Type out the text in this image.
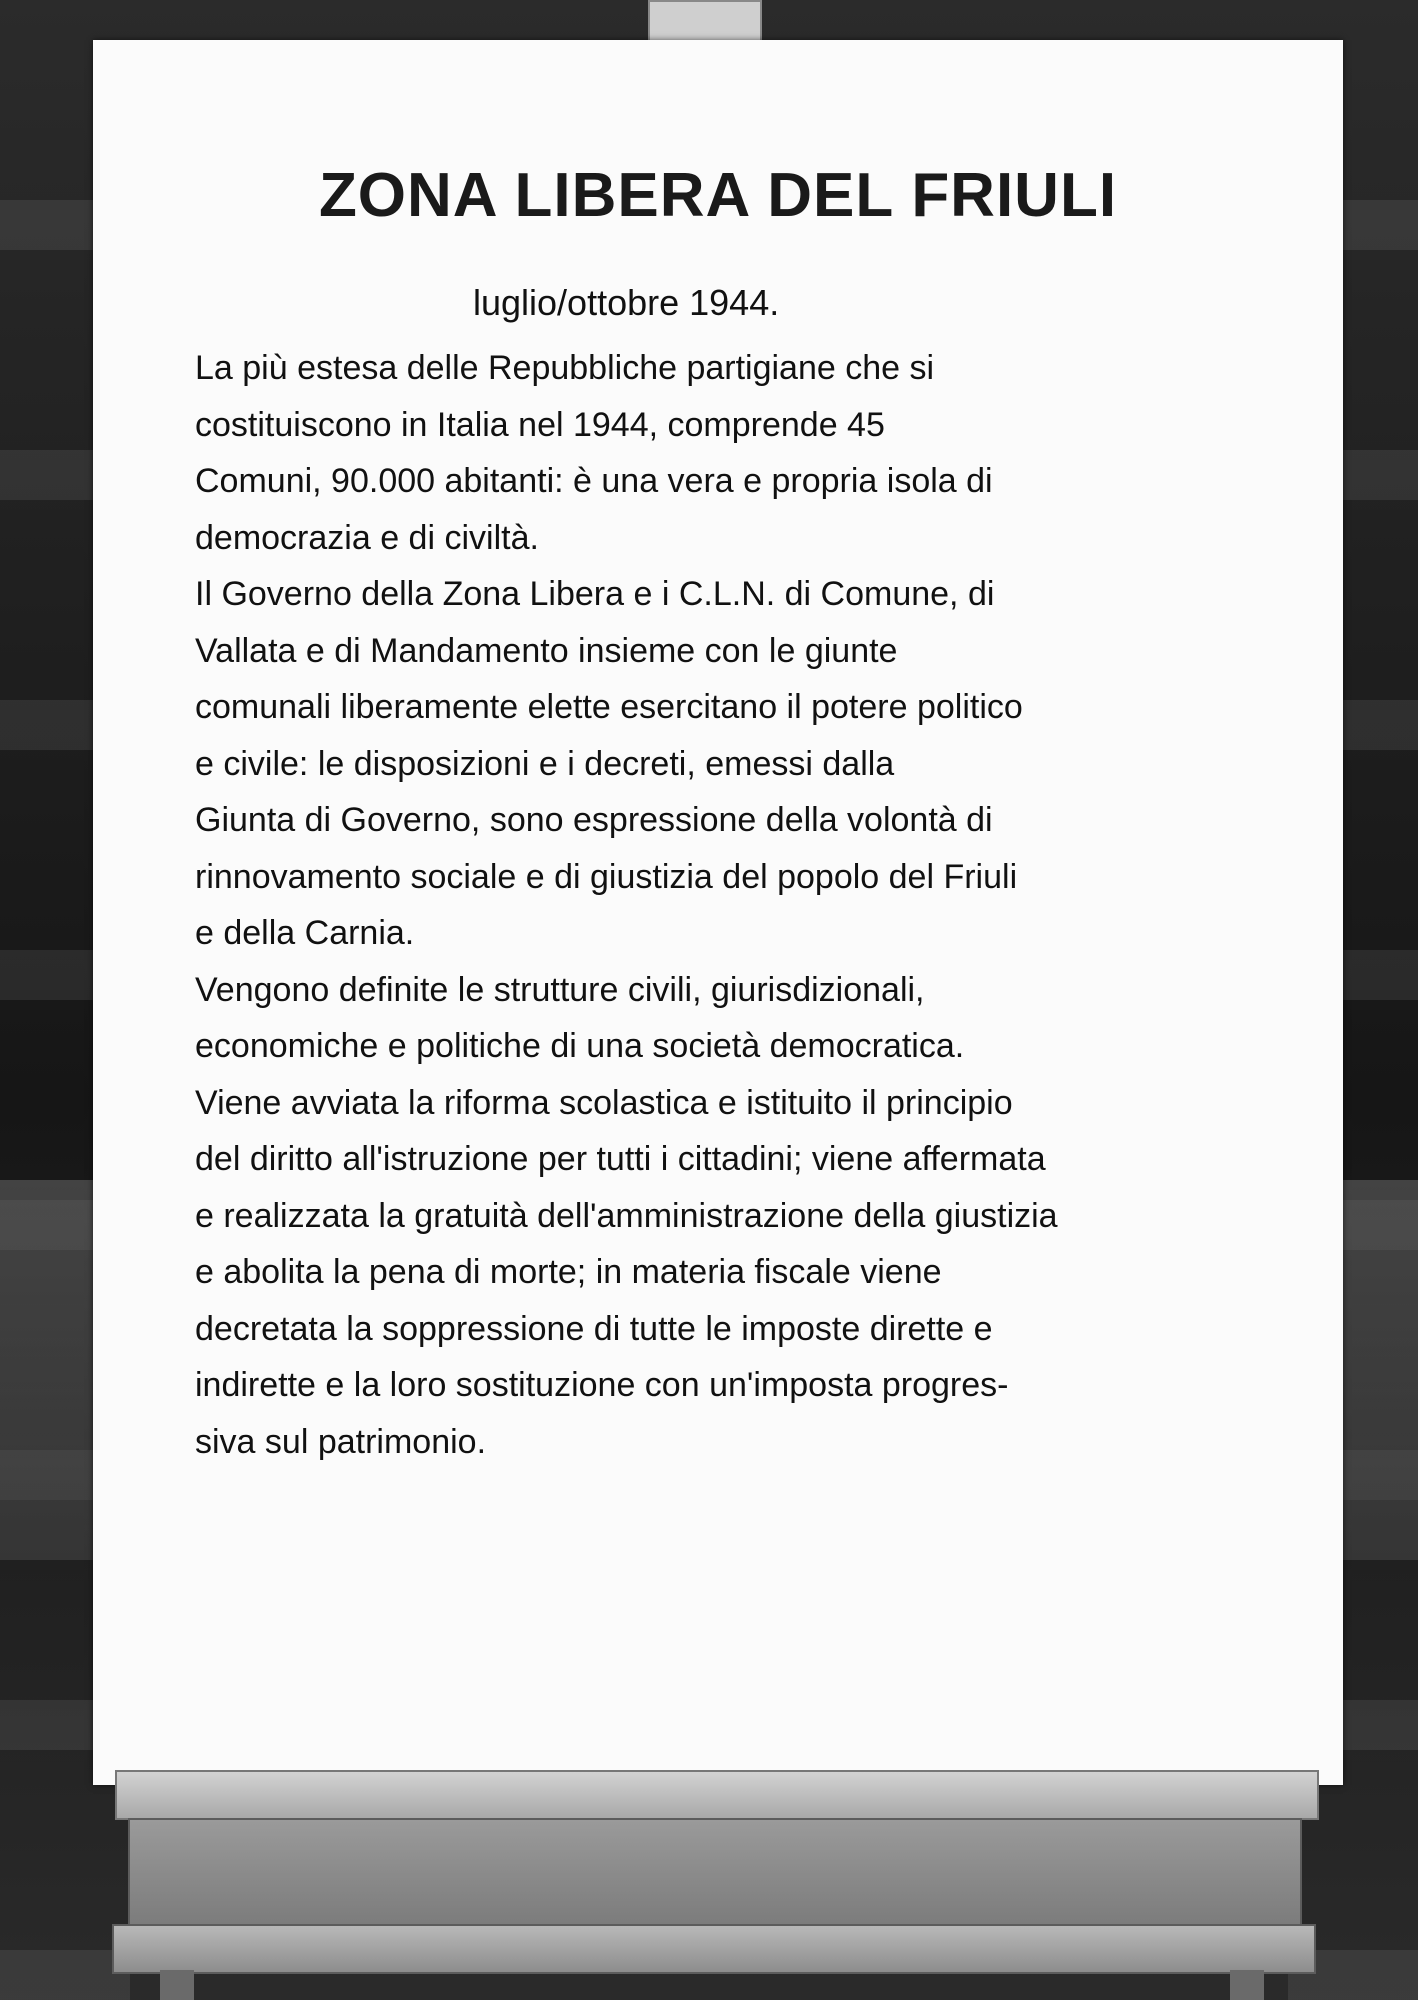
ZONA LIBERA DEL FRIULI
luglio/ottobre 1944.
La più estesa delle Repubbliche partigiane che si
costituiscono in Italia nel 1944, comprende 45
Comuni, 90.000 abitanti: è una vera e propria isola di
democrazia e di civiltà.
Il Governo della Zona Libera e i C.L.N. di Comune, di
Vallata e di Mandamento insieme con le giunte
comunali liberamente elette esercitano il potere politico
e civile: le disposizioni e i decreti, emessi dalla
Giunta di Governo, sono espressione della volontà di
rinnovamento sociale e di giustizia del popolo del Friuli
e della Carnia.
Vengono definite le strutture civili, giurisdizionali,
economiche e politiche di una società democratica.
Viene avviata la riforma scolastica e istituito il principio
del diritto all'istruzione per tutti i cittadini; viene affermata
e realizzata la gratuità dell'amministrazione della giustizia
e abolita la pena di morte; in materia fiscale viene
decretata la soppressione di tutte le imposte dirette e
indirette e la loro sostituzione con un'imposta progres-
siva sul patrimonio.
